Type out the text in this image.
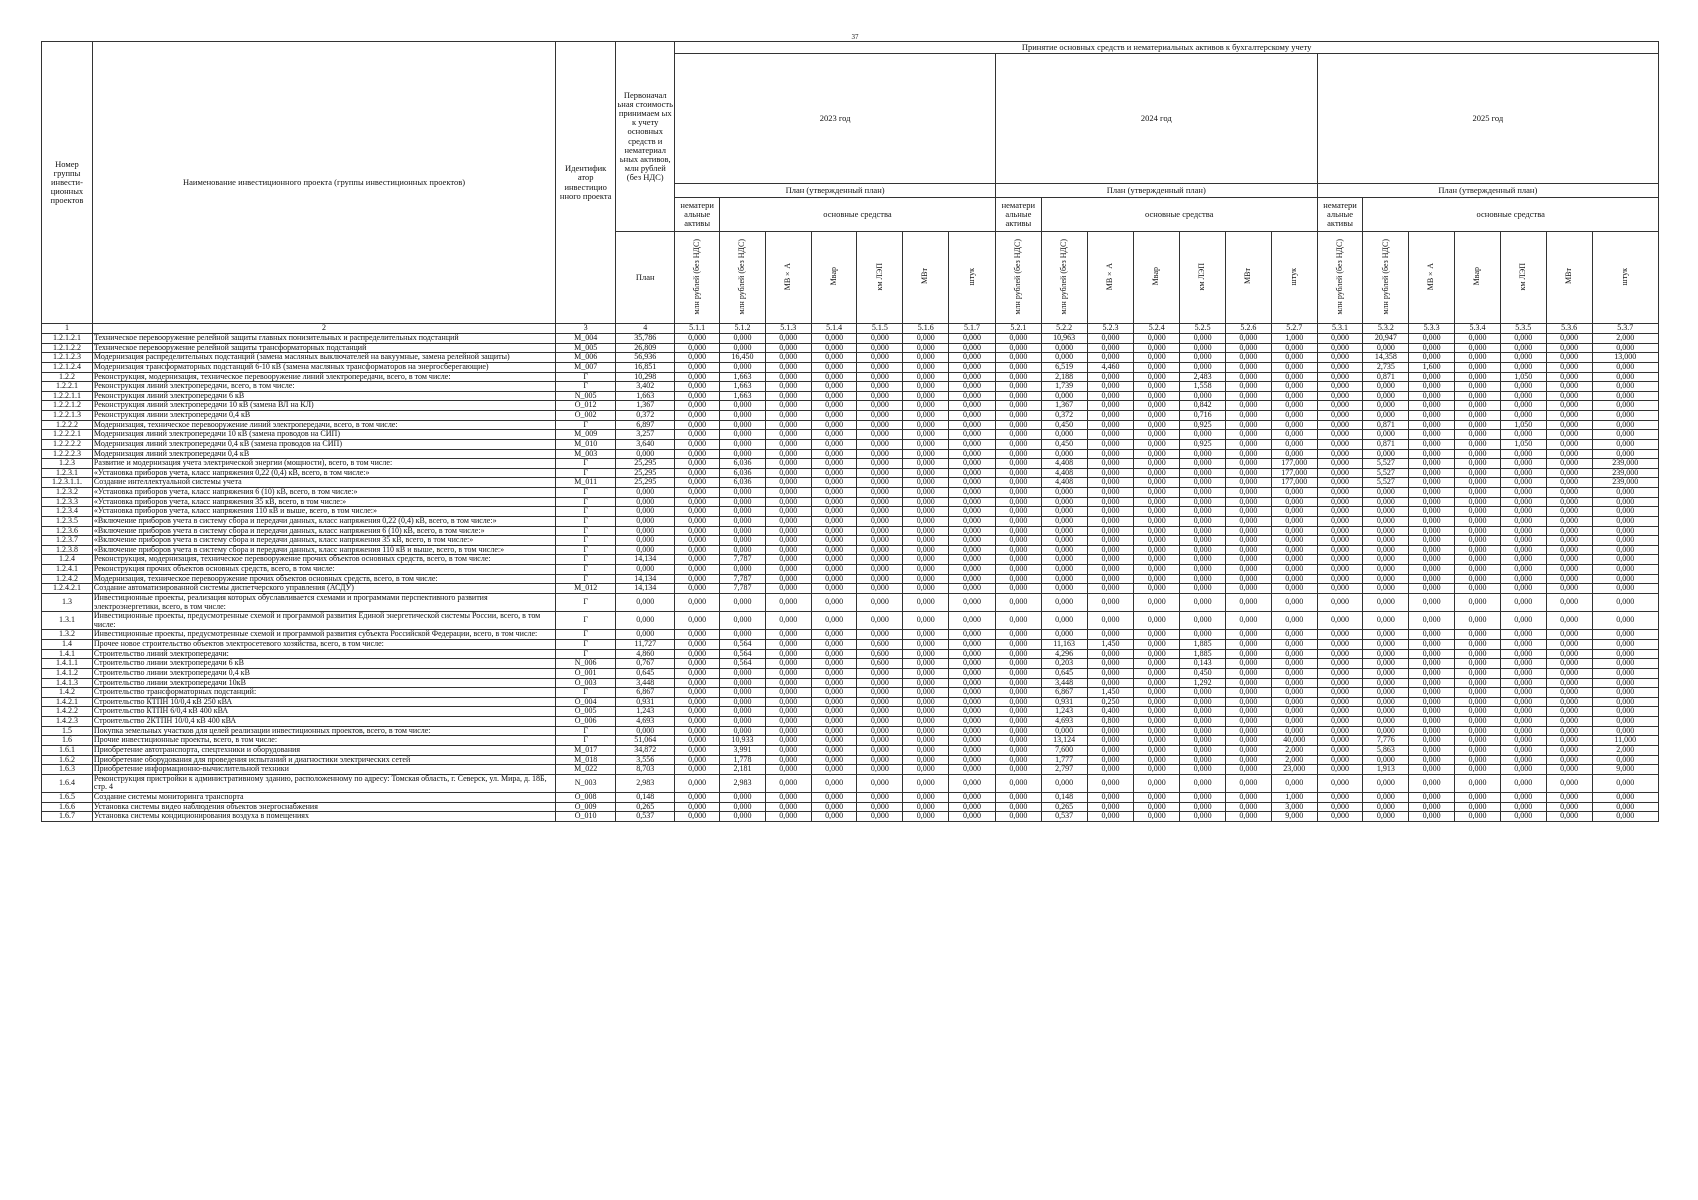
37
Номер группы инвести-ционных проектов	Наименование инвестиционного проекта (группы инвестиционных проектов)	Идентифик атор инвестицио нного проекта	Первоначал ьная стоимость принимаем ых к учету основных средств и нематериал ьных активов, млн рублей (без НДС)	Принятие основных средств и нематериальных активов к бухгалтерскому учету																				
				2023 год							2024 год							2025 год						
				План (утвержденный план)							План (утвержденный план)							План (утвержденный план)						
				нематери альные активы	основные средства						нематери альные активы	основные средства						нематери альные активы	основные средства					
			План	млн рублей (без НДС)	млн рублей (без НДС)	МВ×А	Мвар	км ЛЭП	МВт	штук	млн рублей (без НДС)	млн рублей (без НДС)	МВ×А	Мвар	км ЛЭП	МВт	штук	млн рублей (без НДС)	млн рублей (без НДС)	МВ×А	Мвар	км ЛЭП	МВт	штук

1	2	3	4	5.1.1	5.1.2	5.1.3	5.1.4	5.1.5	5.1.6	5.1.7	5.2.1	5.2.2	5.2.3	5.2.4	5.2.5	5.2.6	5.2.7	5.3.1	5.3.2	5.3.3	5.3.4	5.3.5	5.3.6	5.3.7
1.2.1.2.1	Техническое перевооружение релейной защиты главных понизительных и распределительных подстанций	M_004	35,786	0,000	0,000	0,000	0,000	0,000	0,000	0,000	0,000	10,963	0,000	0,000	0,000	0,000	1,000	0,000	20,947	0,000	0,000	0,000	0,000	2,000
1.2.1.2.2	Техническое перевооружение релейной защиты трансформаторных подстанций	M_005	26,809	0,000	0,000	0,000	0,000	0,000	0,000	0,000	0,000	0,000	0,000	0,000	0,000	0,000	0,000	0,000	0,000	0,000	0,000	0,000	0,000	0,000
1.2.1.2.3	Модернизация распределительных подстанций (замена масляных выключателей на вакуумные, замена релейной защиты)	M_006	56,936	0,000	16,450	0,000	0,000	0,000	0,000	0,000	0,000	0,000	0,000	0,000	0,000	0,000	0,000	0,000	14,358	0,000	0,000	0,000	0,000	13,000
1.2.1.2.4	Модернизация трансформаторных подстанций 6-10 кВ (замена масляных трансформаторов на энергосберегающие)	M_007	16,851	0,000	0,000	0,000	0,000	0,000	0,000	0,000	0,000	6,519	4,460	0,000	0,000	0,000	0,000	0,000	2,735	1,600	0,000	0,000	0,000	0,000
1.2.2	Реконструкция, модернизация, техническое перевооружение линий электропередачи, всего, в том числе:	Г	10,298	0,000	1,663	0,000	0,000	0,000	0,000	0,000	0,000	2,188	0,000	0,000	2,483	0,000	0,000	0,000	0,871	0,000	0,000	1,050	0,000	0,000
1.2.2.1	Реконструкция линий электропередачи, всего, в том числе:	Г	3,402	0,000	1,663	0,000	0,000	0,000	0,000	0,000	0,000	1,739	0,000	0,000	1,558	0,000	0,000	0,000	0,000	0,000	0,000	0,000	0,000	0,000
1.2.2.1.1	Реконструкция линий электропередачи 6 кВ	N_005	1,663	0,000	1,663	0,000	0,000	0,000	0,000	0,000	0,000	0,000	0,000	0,000	0,000	0,000	0,000	0,000	0,000	0,000	0,000	0,000	0,000	0,000
1.2.2.1.2	Реконструкция линий электропередачи 10 кВ (замена ВЛ на КЛ)	O_012	1,367	0,000	0,000	0,000	0,000	0,000	0,000	0,000	0,000	1,367	0,000	0,000	0,842	0,000	0,000	0,000	0,000	0,000	0,000	0,000	0,000	0,000
1.2.2.1.3	Реконструкция линии электропередачи 0,4 кВ	O_002	0,372	0,000	0,000	0,000	0,000	0,000	0,000	0,000	0,000	0,372	0,000	0,000	0,716	0,000	0,000	0,000	0,000	0,000	0,000	0,000	0,000	0,000
1.2.2.2	Модернизация, техническое перевооружение линий электропередачи, всего, в том числе:	Г	6,897	0,000	0,000	0,000	0,000	0,000	0,000	0,000	0,000	0,450	0,000	0,000	0,925	0,000	0,000	0,000	0,871	0,000	0,000	1,050	0,000	0,000
1.2.2.2.1	Модернизация линий электропередачи 10 кВ (замена проводов на СИП)	M_009	3,257	0,000	0,000	0,000	0,000	0,000	0,000	0,000	0,000	0,000	0,000	0,000	0,000	0,000	0,000	0,000	0,000	0,000	0,000	0,000	0,000	0,000
1.2.2.2.2	Модернизация линий электропередачи 0,4 кВ (замена проводов на СИП)	M_010	3,640	0,000	0,000	0,000	0,000	0,000	0,000	0,000	0,000	0,450	0,000	0,000	0,925	0,000	0,000	0,000	0,871	0,000	0,000	1,050	0,000	0,000
1.2.2.2.3	Модернизация линий электропередачи 0,4 кВ	M_003	0,000	0,000	0,000	0,000	0,000	0,000	0,000	0,000	0,000	0,000	0,000	0,000	0,000	0,000	0,000	0,000	0,000	0,000	0,000	0,000	0,000	0,000
1.2.3	Развитие и модернизация учета электрической энергии (мощности), всего, в том числе:	Г	25,295	0,000	6,036	0,000	0,000	0,000	0,000	0,000	0,000	4,408	0,000	0,000	0,000	0,000	177,000	0,000	5,527	0,000	0,000	0,000	0,000	239,000
1.2.3.1	«Установка приборов учета, класс напряжения 0,22 (0,4) кВ, всего, в том числе:»	Г	25,295	0,000	6,036	0,000	0,000	0,000	0,000	0,000	0,000	4,408	0,000	0,000	0,000	0,000	177,000	0,000	5,527	0,000	0,000	0,000	0,000	239,000
1.2.3.1.1.	Создание интеллектуальной системы учета	M_011	25,295	0,000	6,036	0,000	0,000	0,000	0,000	0,000	0,000	4,408	0,000	0,000	0,000	0,000	177,000	0,000	5,527	0,000	0,000	0,000	0,000	239,000
1.2.3.2	«Установка приборов учета, класс напряжения 6 (10) кВ, всего, в том числе:»	Г	0,000	0,000	0,000	0,000	0,000	0,000	0,000	0,000	0,000	0,000	0,000	0,000	0,000	0,000	0,000	0,000	0,000	0,000	0,000	0,000	0,000	0,000
1.2.3.3	«Установка приборов учета, класс напряжения 35 кВ, всего, в том числе:»	Г	0,000	0,000	0,000	0,000	0,000	0,000	0,000	0,000	0,000	0,000	0,000	0,000	0,000	0,000	0,000	0,000	0,000	0,000	0,000	0,000	0,000	0,000
1.2.3.4	«Установка приборов учета, класс напряжения 110 кВ и выше, всего, в том числе:»	Г	0,000	0,000	0,000	0,000	0,000	0,000	0,000	0,000	0,000	0,000	0,000	0,000	0,000	0,000	0,000	0,000	0,000	0,000	0,000	0,000	0,000	0,000
1.2.3.5	«Включение приборов учета в систему сбора и передачи данных, класс напряжения 0,22 (0,4) кВ, всего, в том числе:»	Г	0,000	0,000	0,000	0,000	0,000	0,000	0,000	0,000	0,000	0,000	0,000	0,000	0,000	0,000	0,000	0,000	0,000	0,000	0,000	0,000	0,000	0,000
1.2.3.6	«Включение приборов учета в систему сбора и передачи данных, класс напряжения 6 (10) кВ, всего, в том числе:»	Г	0,000	0,000	0,000	0,000	0,000	0,000	0,000	0,000	0,000	0,000	0,000	0,000	0,000	0,000	0,000	0,000	0,000	0,000	0,000	0,000	0,000	0,000
1.2.3.7	«Включение приборов учета в систему сбора и передачи данных, класс напряжения 35 кВ, всего, в том числе:»	Г	0,000	0,000	0,000	0,000	0,000	0,000	0,000	0,000	0,000	0,000	0,000	0,000	0,000	0,000	0,000	0,000	0,000	0,000	0,000	0,000	0,000	0,000
1.2.3.8	«Включение приборов учета в систему сбора и передачи данных, класс напряжения 110 кВ и выше, всего, в том числе:»	Г	0,000	0,000	0,000	0,000	0,000	0,000	0,000	0,000	0,000	0,000	0,000	0,000	0,000	0,000	0,000	0,000	0,000	0,000	0,000	0,000	0,000	0,000
1.2.4	Реконструкция, модернизация, техническое перевооружение прочих объектов основных средств, всего, в том числе:	Г	14,134	0,000	7,787	0,000	0,000	0,000	0,000	0,000	0,000	0,000	0,000	0,000	0,000	0,000	0,000	0,000	0,000	0,000	0,000	0,000	0,000	0,000
1.2.4.1	Реконструкция прочих объектов основных средств, всего, в том числе:	Г	0,000	0,000	0,000	0,000	0,000	0,000	0,000	0,000	0,000	0,000	0,000	0,000	0,000	0,000	0,000	0,000	0,000	0,000	0,000	0,000	0,000	0,000
1.2.4.2	Модернизация, техническое перевооружение прочих объектов основных средств, всего, в том числе:	Г	14,134	0,000	7,787	0,000	0,000	0,000	0,000	0,000	0,000	0,000	0,000	0,000	0,000	0,000	0,000	0,000	0,000	0,000	0,000	0,000	0,000	0,000
1.2.4.2.1	Создание автоматизированной системы диспетчерского управления (АСДУ)	M_012	14,134	0,000	7,787	0,000	0,000	0,000	0,000	0,000	0,000	0,000	0,000	0,000	0,000	0,000	0,000	0,000	0,000	0,000	0,000	0,000	0,000	0,000
1.3	Инвестиционные проекты, реализация которых обуславливается схемами и программами перспективного развития электроэнергетики, всего, в том числе:	Г	0,000	0,000	0,000	0,000	0,000	0,000	0,000	0,000	0,000	0,000	0,000	0,000	0,000	0,000	0,000	0,000	0,000	0,000	0,000	0,000	0,000	0,000
1.3.1	Инвестиционные проекты, предусмотренные схемой и программой развития Единой энергетической системы России, всего, в том числе:	Г	0,000	0,000	0,000	0,000	0,000	0,000	0,000	0,000	0,000	0,000	0,000	0,000	0,000	0,000	0,000	0,000	0,000	0,000	0,000	0,000	0,000	0,000
1.3.2	Инвестиционные проекты, предусмотренные схемой и программой развития субъекта Российской Федерации, всего, в том числе:	Г	0,000	0,000	0,000	0,000	0,000	0,000	0,000	0,000	0,000	0,000	0,000	0,000	0,000	0,000	0,000	0,000	0,000	0,000	0,000	0,000	0,000	0,000
1.4	Прочее новое строительство объектов электросетевого хозяйства, всего, в том числе:	Г	11,727	0,000	0,564	0,000	0,000	0,600	0,000	0,000	0,000	11,163	1,450	0,000	1,885	0,000	0,000	0,000	0,000	0,000	0,000	0,000	0,000	0,000
1.4.1	Строительство линий электропередачи:	Г	4,860	0,000	0,564	0,000	0,000	0,600	0,000	0,000	0,000	4,296	0,000	0,000	1,885	0,000	0,000	0,000	0,000	0,000	0,000	0,000	0,000	0,000
1.4.1.1	Строительство линии электропередачи 6 кВ	N_006	0,767	0,000	0,564	0,000	0,000	0,600	0,000	0,000	0,000	0,203	0,000	0,000	0,143	0,000	0,000	0,000	0,000	0,000	0,000	0,000	0,000	0,000
1.4.1.2	Строительство линии электропередачи 0,4 кВ	O_001	0,645	0,000	0,000	0,000	0,000	0,000	0,000	0,000	0,000	0,645	0,000	0,000	0,450	0,000	0,000	0,000	0,000	0,000	0,000	0,000	0,000	0,000
1.4.1.3	Строительство линии электропередачи 10кВ	O_003	3,448	0,000	0,000	0,000	0,000	0,000	0,000	0,000	0,000	3,448	0,000	0,000	1,292	0,000	0,000	0,000	0,000	0,000	0,000	0,000	0,000	0,000
1.4.2	Строительство трансформаторных подстанций:	Г	6,867	0,000	0,000	0,000	0,000	0,000	0,000	0,000	0,000	6,867	1,450	0,000	0,000	0,000	0,000	0,000	0,000	0,000	0,000	0,000	0,000	0,000
1.4.2.1	Строительство КТПН 10/0,4 кВ 250 кВА	O_004	0,931	0,000	0,000	0,000	0,000	0,000	0,000	0,000	0,000	0,931	0,250	0,000	0,000	0,000	0,000	0,000	0,000	0,000	0,000	0,000	0,000	0,000
1.4.2.2	Строительство КТПН 6/0,4 кВ 400 кВА	O_005	1,243	0,000	0,000	0,000	0,000	0,000	0,000	0,000	0,000	1,243	0,400	0,000	0,000	0,000	0,000	0,000	0,000	0,000	0,000	0,000	0,000	0,000
1.4.2.3	Строительство 2КТПН 10/0,4 кВ 400 кВА	O_006	4,693	0,000	0,000	0,000	0,000	0,000	0,000	0,000	0,000	4,693	0,800	0,000	0,000	0,000	0,000	0,000	0,000	0,000	0,000	0,000	0,000	0,000
1.5	Покупка земельных участков для целей реализации инвестиционных проектов, всего, в том числе:	Г	0,000	0,000	0,000	0,000	0,000	0,000	0,000	0,000	0,000	0,000	0,000	0,000	0,000	0,000	0,000	0,000	0,000	0,000	0,000	0,000	0,000	0,000
1.6	Прочие инвестиционные проекты, всего, в том числе:	Г	51,064	0,000	10,933	0,000	0,000	0,000	0,000	0,000	0,000	13,124	0,000	0,000	0,000	0,000	40,000	0,000	7,776	0,000	0,000	0,000	0,000	11,000
1.6.1	Приобретение автотранспорта, спецтехники и оборудования	M_017	34,872	0,000	3,991	0,000	0,000	0,000	0,000	0,000	0,000	7,600	0,000	0,000	0,000	0,000	2,000	0,000	5,863	0,000	0,000	0,000	0,000	2,000
1.6.2	Приобретение оборудования для проведения испытаний и диагностики электрических сетей	M_018	3,556	0,000	1,778	0,000	0,000	0,000	0,000	0,000	0,000	1,777	0,000	0,000	0,000	0,000	2,000	0,000	0,000	0,000	0,000	0,000	0,000	0,000
1.6.3	Приобретение информационно-вычислительной техники	M_022	8,703	0,000	2,181	0,000	0,000	0,000	0,000	0,000	0,000	2,797	0,000	0,000	0,000	0,000	23,000	0,000	1,913	0,000	0,000	0,000	0,000	9,000
1.6.4	Реконструкция пристройки к административному зданию, расположенному по адресу: Томская область, г. Северск, ул. Мира, д. 18Б, стр. 4	N_003	2,983	0,000	2,983	0,000	0,000	0,000	0,000	0,000	0,000	0,000	0,000	0,000	0,000	0,000	0,000	0,000	0,000	0,000	0,000	0,000	0,000	0,000
1.6.5	Создание системы мониторинга транспорта	O_008	0,148	0,000	0,000	0,000	0,000	0,000	0,000	0,000	0,000	0,148	0,000	0,000	0,000	0,000	1,000	0,000	0,000	0,000	0,000	0,000	0,000	0,000
1.6.6	Установка системы видео наблюдения объектов энергоснабжения	O_009	0,265	0,000	0,000	0,000	0,000	0,000	0,000	0,000	0,000	0,265	0,000	0,000	0,000	0,000	3,000	0,000	0,000	0,000	0,000	0,000	0,000	0,000
1.6.7	Установка системы кондиционирования воздуха в помещениях	O_010	0,537	0,000	0,000	0,000	0,000	0,000	0,000	0,000	0,000	0,537	0,000	0,000	0,000	0,000	9,000	0,000	0,000	0,000	0,000	0,000	0,000	0,000
